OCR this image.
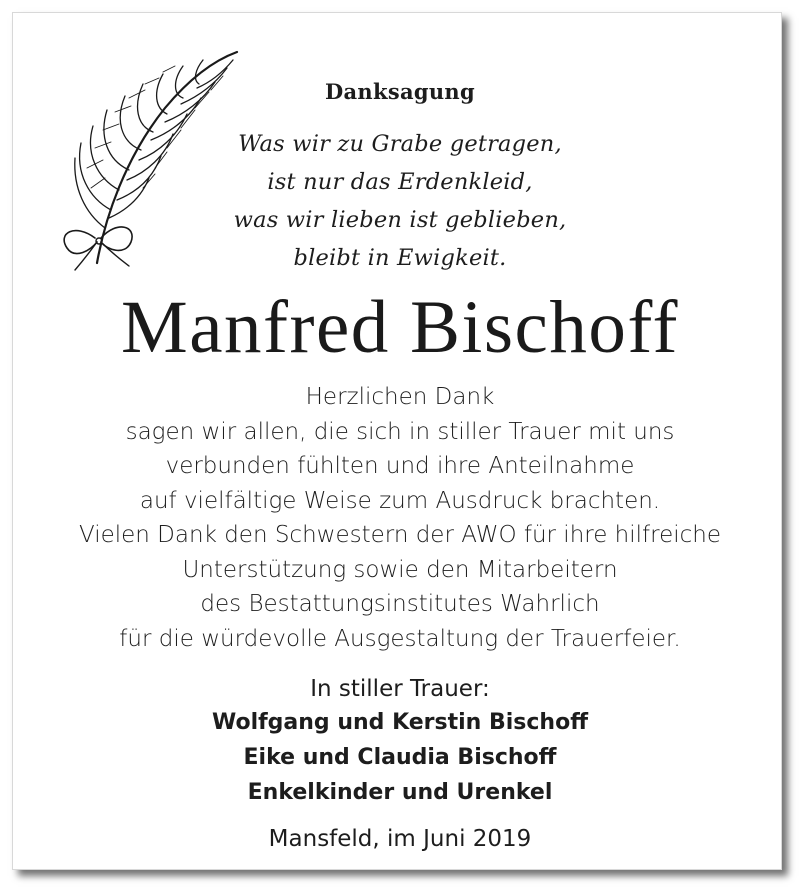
Danksagung
Was wir zu Grabe getragen,
ist nur das Erdenkleid,
was wir lieben ist geblieben,
bleibt in Ewigkeit.
Manfred Bischoff
Herzlichen Dank
sagen wir allen, die sich in stiller Trauer mit uns
verbunden fühlten und ihre Anteilnahme
auf vielfältige Weise zum Ausdruck brachten.
Vielen Dank den Schwestern der AWO für ihre hilfreiche
Unterstützung sowie den Mitarbeitern
des Bestattungsinstitutes Wahrlich
für die würdevolle Ausgestaltung der Trauerfeier.
In stiller Trauer:
Wolfgang und Kerstin Bischoff
Eike und Claudia Bischoff
Enkelkinder und Urenkel
Mansfeld, im Juni 2019
